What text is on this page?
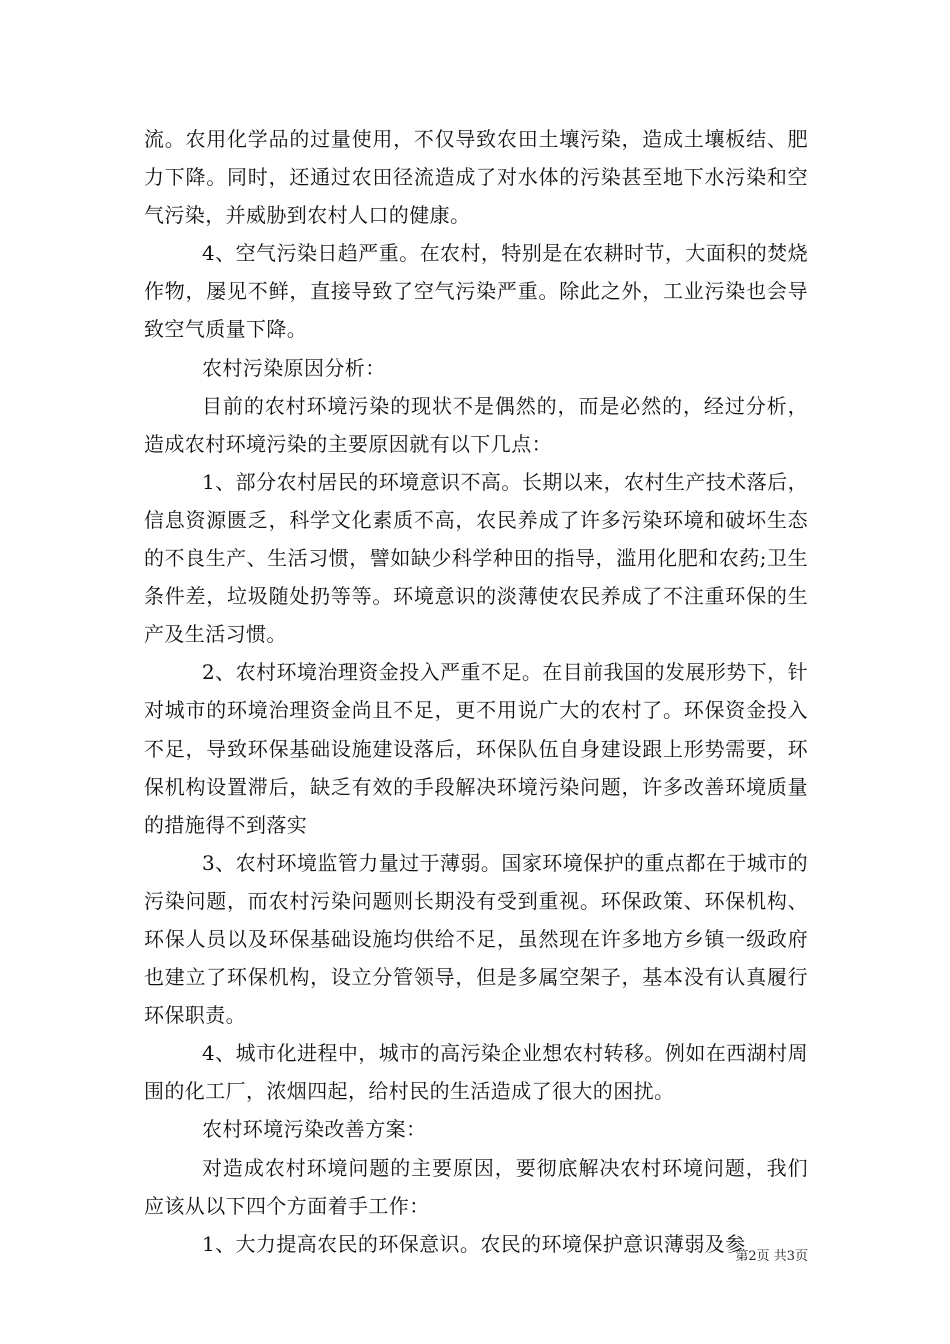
流。农用化学品的过量使用，不仅导致农田土壤污染，造成土壤板结、肥力下降。同时，还通过农田径流造成了对水体的污染甚至地下水污染和空气污染，并威胁到农村人口的健康。

4、空气污染日趋严重。在农村，特别是在农耕时节，大面积的焚烧作物，屡见不鲜，直接导致了空气污染严重。除此之外，工业污染也会导致空气质量下降。

农村污染原因分析：

目前的农村环境污染的现状不是偶然的，而是必然的，经过分析，造成农村环境污染的主要原因就有以下几点：

1、部分农村居民的环境意识不高。长期以来，农村生产技术落后，信息资源匮乏，科学文化素质不高，农民养成了许多污染环境和破坏生态的不良生产、生活习惯，譬如缺少科学种田的指导，滥用化肥和农药;卫生条件差，垃圾随处扔等等。环境意识的淡薄使农民养成了不注重环保的生产及生活习惯。

2、农村环境治理资金投入严重不足。在目前我国的发展形势下，针对城市的环境治理资金尚且不足，更不用说广大的农村了。环保资金投入不足，导致环保基础设施建设落后，环保队伍自身建设跟上形势需要，环保机构设置滞后，缺乏有效的手段解决环境污染问题，许多改善环境质量的措施得不到落实

3、农村环境监管力量过于薄弱。国家环境保护的重点都在于城市的污染问题，而农村污染问题则长期没有受到重视。环保政策、环保机构、环保人员以及环保基础设施均供给不足，虽然现在许多地方乡镇一级政府也建立了环保机构，设立分管领导，但是多属空架子，基本没有认真履行环保职责。

4、城市化进程中，城市的高污染企业想农村转移。例如在西湖村周围的化工厂，浓烟四起，给村民的生活造成了很大的困扰。

农村环境污染改善方案：

对造成农村环境问题的主要原因，要彻底解决农村环境问题，我们应该从以下四个方面着手工作：

1、大力提高农民的环保意识。农民的环境保护意识薄弱及参

第2页 共3页
